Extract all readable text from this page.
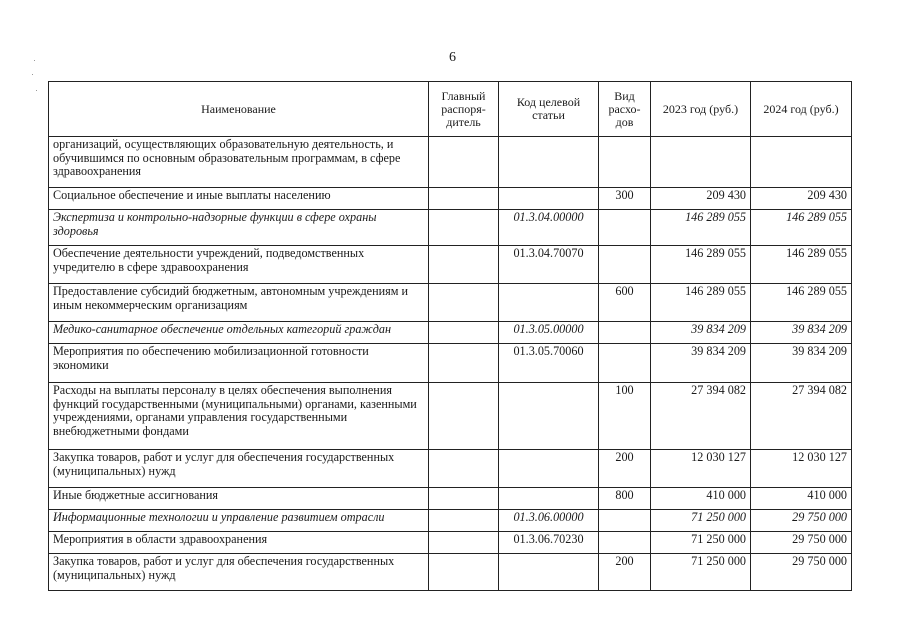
6
Наименование	Главный распоря-дитель	Код целевой статьи	Вид расхо-дов	2023 год (руб.)	2024 год (руб.)
организаций, осуществляющих образовательную деятельность, и обучившимся по основным образовательным программам, в сфере здравоохранения					
Социальное обеспечение и иные выплаты населению			300	209 430	209 430
Экспертиза и контрольно-надзорные функции в сфере охраны здоровья		01.3.04.00000		146 289 055	146 289 055
Обеспечение деятельности учреждений, подведомственных учредителю в сфере здравоохранения		01.3.04.70070		146 289 055	146 289 055
Предоставление субсидий бюджетным, автономным учреждениям и иным некоммерческим организациям			600	146 289 055	146 289 055
Медико-санитарное обеспечение отдельных категорий граждан		01.3.05.00000		39 834 209	39 834 209
Мероприятия по обеспечению мобилизационной готовности экономики		01.3.05.70060		39 834 209	39 834 209
Расходы на выплаты персоналу в целях обеспечения выполнения функций государственными (муниципальными) органами, казенными учреждениями, органами управления государственными внебюджетными фондами			100	27 394 082	27 394 082
Закупка товаров, работ и услуг для обеспечения государственных (муниципальных) нужд			200	12 030 127	12 030 127
Иные бюджетные ассигнования			800	410 000	410 000
Информационные технологии и управление развитием отрасли		01.3.06.00000		71 250 000	29 750 000
Мероприятия в области здравоохранения		01.3.06.70230		71 250 000	29 750 000
Закупка товаров, работ и услуг для обеспечения государственных (муниципальных) нужд			200	71 250 000	29 750 000
